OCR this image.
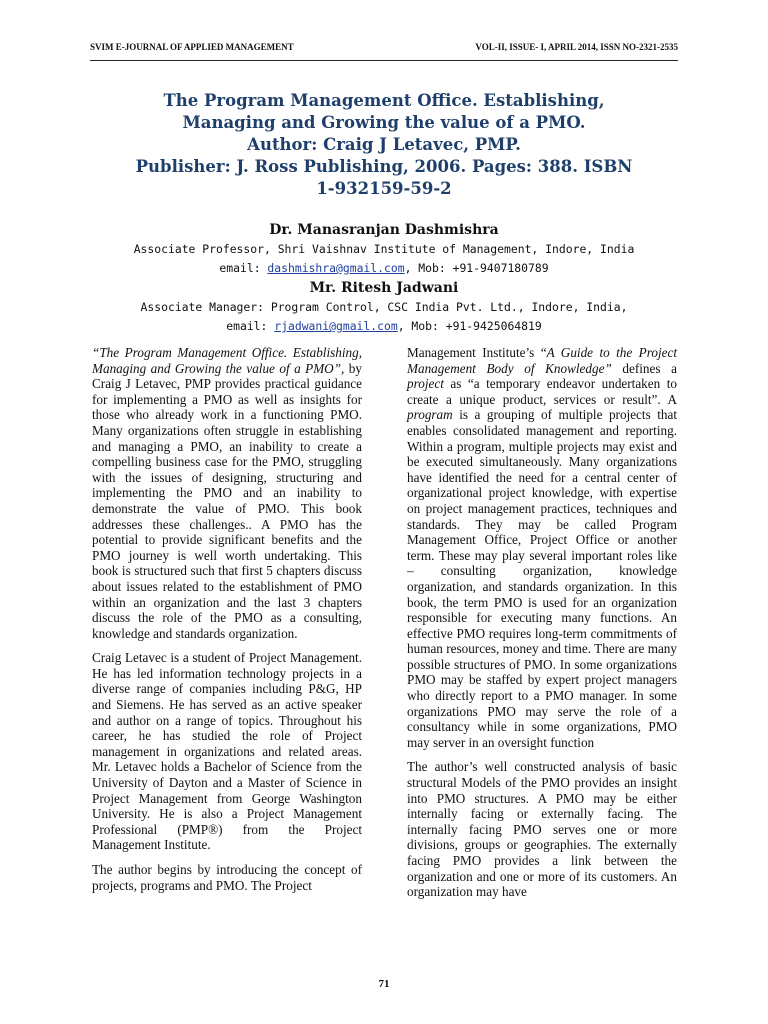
SVIM E-JOURNAL OF APPLIED MANAGEMENT	VOL-II, ISSUE- I, APRIL 2014, ISSN NO-2321-2535
The Program Management Office. Establishing,
Managing and Growing the value of a PMO.
Author: Craig J Letavec, PMP.
Publisher: J. Ross Publishing, 2006. Pages: 388. ISBN
1-932159-59-2
Dr. Manasranjan Dashmishra
Associate Professor, Shri Vaishnav Institute of Management, Indore, India
email: dashmishra@gmail.com, Mob: +91-9407180789
Mr. Ritesh Jadwani
Associate Manager: Program Control, CSC India Pvt. Ltd., Indore, India,
email: rjadwani@gmail.com, Mob: +91-9425064819

“The Program Management Office. Establishing, Managing and Growing the value of a PMO”, by Craig J Letavec, PMP provides practical guidance for implementing a PMO as well as insights for those who already work in a functioning PMO. Many organizations often struggle in establishing and managing a PMO, an inability to create a compelling business case for the PMO, struggling with the issues of designing, structuring and implementing the PMO and an inability to demonstrate the value of PMO. This book addresses these challenges.. A PMO has the potential to provide significant benefits and the PMO journey is well worth undertaking. This book is structured such that first 5 chapters discuss about issues related to the establishment of PMO within an organization and the last 3 chapters discuss the role of the PMO as a consulting, knowledge and standards organization.

Craig Letavec is a student of Project Management. He has led information technology projects in a diverse range of companies including P&G, HP and Siemens. He has served as an active speaker and author on a range of topics. Throughout his career, he has studied the role of Project management in organizations and related areas. Mr. Letavec holds a Bachelor of Science from the University of Dayton and a Master of Science in Project Management from George Washington University. He is also a Project Management Professional (PMP®) from the Project Management Institute.

The author begins by introducing the concept of projects, programs and PMO. The Project

Management Institute’s “A Guide to the Project Management Body of Knowledge” defines a project as “a temporary endeavor undertaken to create a unique product, services or result”. A program is a grouping of multiple projects that enables consolidated management and reporting. Within a program, multiple projects may exist and be executed simultaneously. Many organizations have identified the need for a central center of organizational project knowledge, with expertise on project management practices, techniques and standards. They may be called Program Management Office, Project Office or another term. These may play several important roles like – consulting organization, knowledge organization, and standards organization. In this book, the term PMO is used for an organization responsible for executing many functions. An effective PMO requires long-term commitments of human resources, money and time. There are many possible structures of PMO. In some organizations PMO may be staffed by expert project managers who directly report to a PMO manager. In some organizations PMO may serve the role of a consultancy while in some organizations, PMO may server in an oversight function

The author’s well constructed analysis of basic structural Models of the PMO provides an insight into PMO structures. A PMO may be either internally facing or externally facing. The internally facing PMO serves one or more divisions, groups or geographies. The externally facing PMO provides a link between the organization and one or more of its customers. An organization may have

71
